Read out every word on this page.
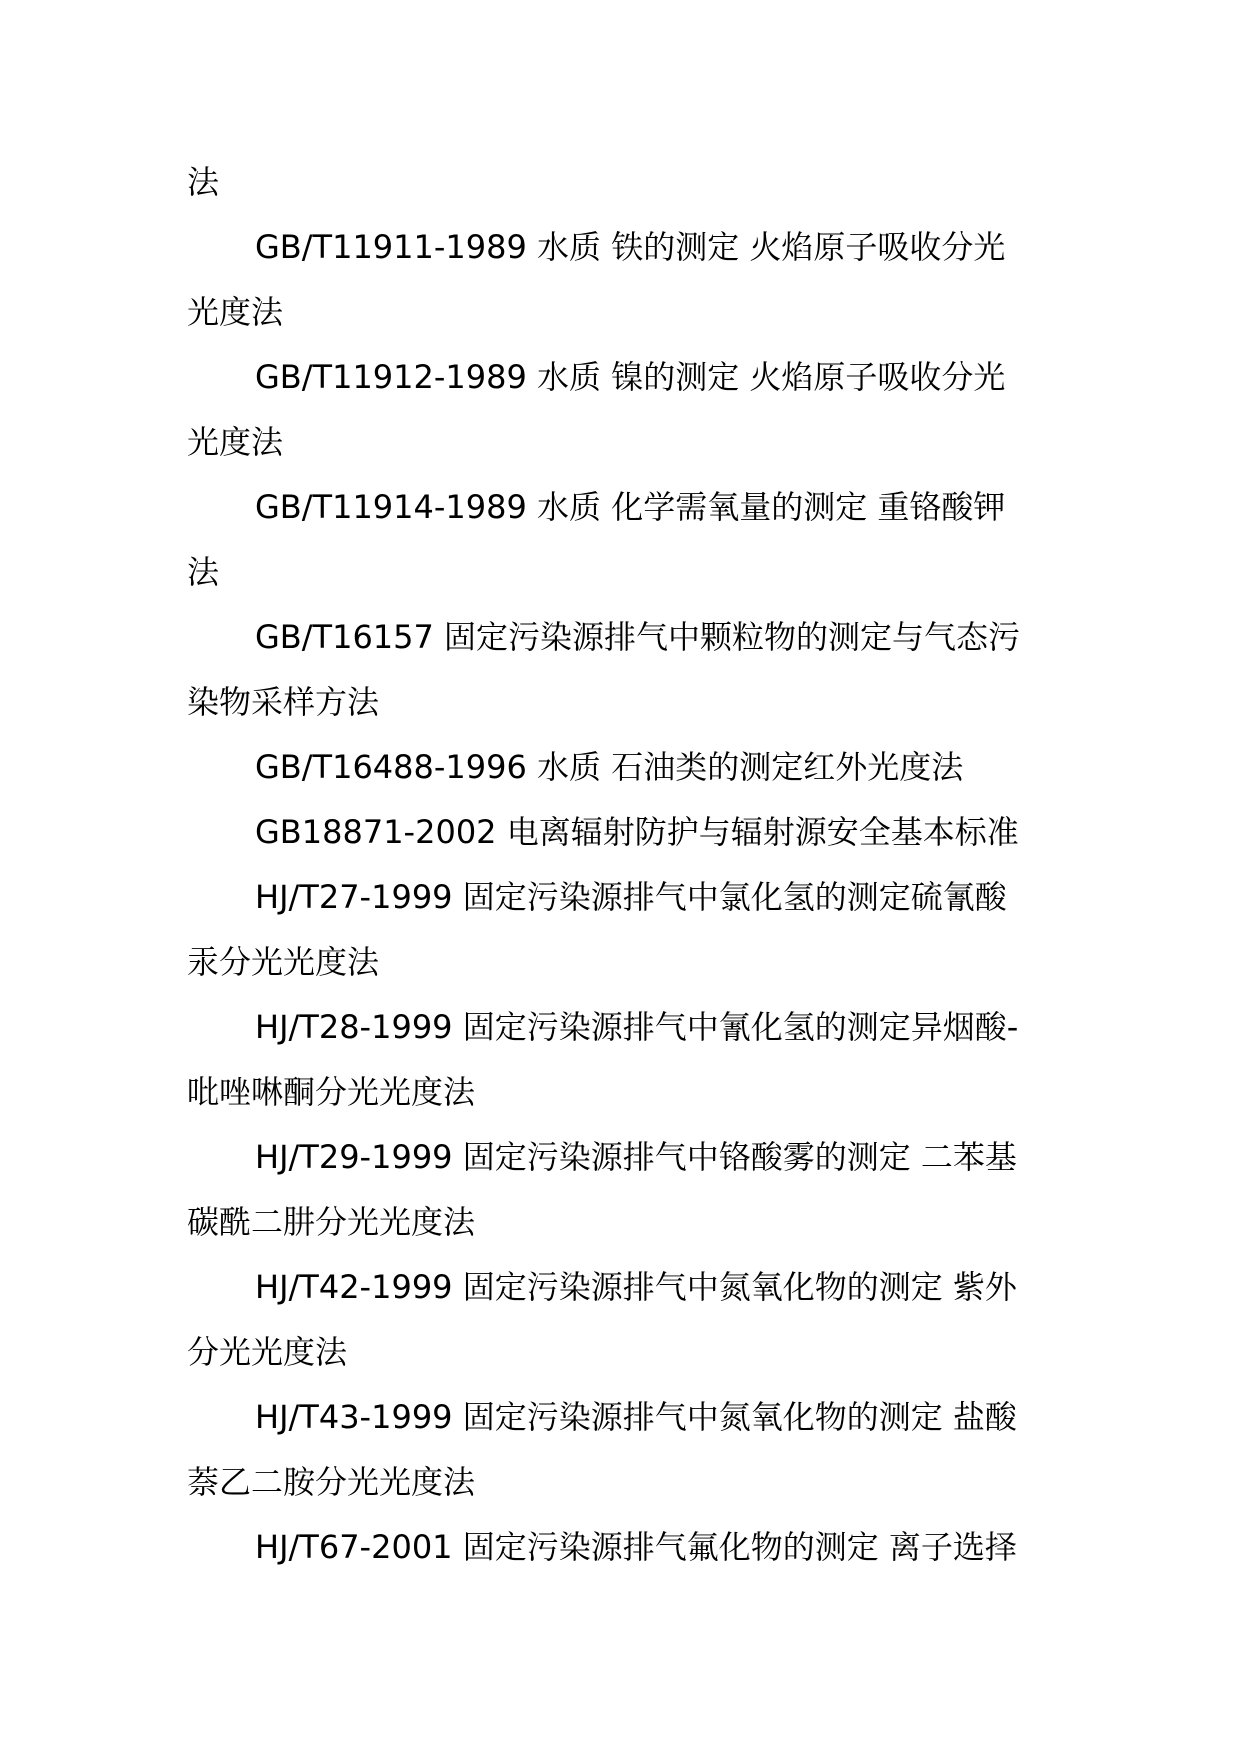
法
GB/T11911-1989 水质 铁的测定 火焰原子吸收分光
光度法
GB/T11912-1989 水质 镍的测定 火焰原子吸收分光
光度法
GB/T11914-1989 水质 化学需氧量的测定 重铬酸钾
法
GB/T16157 固定污染源排气中颗粒物的测定与气态污
染物采样方法
GB/T16488-1996 水质 石油类的测定红外光度法
GB18871-2002 电离辐射防护与辐射源安全基本标准
HJ/T27-1999 固定污染源排气中氯化氢的测定硫氰酸
汞分光光度法
HJ/T28-1999 固定污染源排气中氰化氢的测定异烟酸-
吡唑啉酮分光光度法
HJ/T29-1999 固定污染源排气中铬酸雾的测定 二苯基
碳酰二肼分光光度法
HJ/T42-1999 固定污染源排气中氮氧化物的测定 紫外
分光光度法
HJ/T43-1999 固定污染源排气中氮氧化物的测定 盐酸
萘乙二胺分光光度法
HJ/T67-2001 固定污染源排气氟化物的测定 离子选择
